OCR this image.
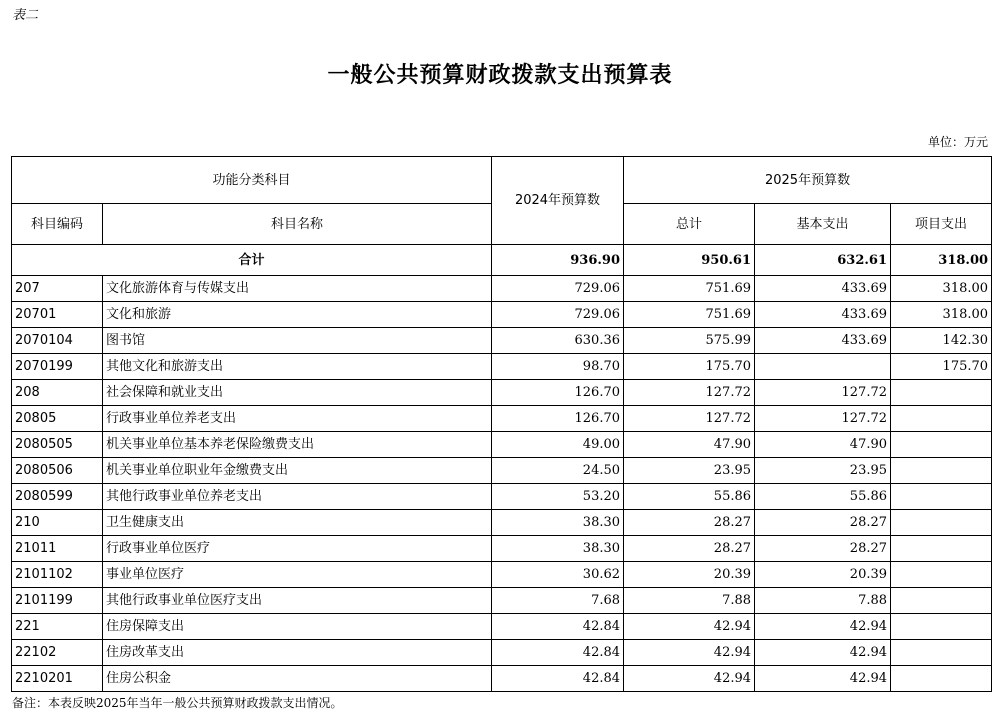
表二
一般公共预算财政拨款支出预算表
单位：万元
功能分类科目		2024年预算数	2025年预算数		
科目编码	科目名称		总计	基本支出	项目支出
合计		936.90	950.61	632.61	318.00
207	文化旅游体育与传媒支出	729.06	751.69	433.69	318.00
20701	文化和旅游	729.06	751.69	433.69	318.00
2070104	图书馆	630.36	575.99	433.69	142.30
2070199	其他文化和旅游支出	98.70	175.70		175.70
208	社会保障和就业支出	126.70	127.72	127.72	
20805	行政事业单位养老支出	126.70	127.72	127.72	
2080505	机关事业单位基本养老保险缴费支出	49.00	47.90	47.90	
2080506	机关事业单位职业年金缴费支出	24.50	23.95	23.95	
2080599	其他行政事业单位养老支出	53.20	55.86	55.86	
210	卫生健康支出	38.30	28.27	28.27	
21011	行政事业单位医疗	38.30	28.27	28.27	
2101102	事业单位医疗	30.62	20.39	20.39	
2101199	其他行政事业单位医疗支出	7.68	7.88	7.88	
221	住房保障支出	42.84	42.94	42.94	
22102	住房改革支出	42.84	42.94	42.94	
2210201	住房公积金	42.84	42.94	42.94	
备注：本表反映2025年当年一般公共预算财政拨款支出情况。
